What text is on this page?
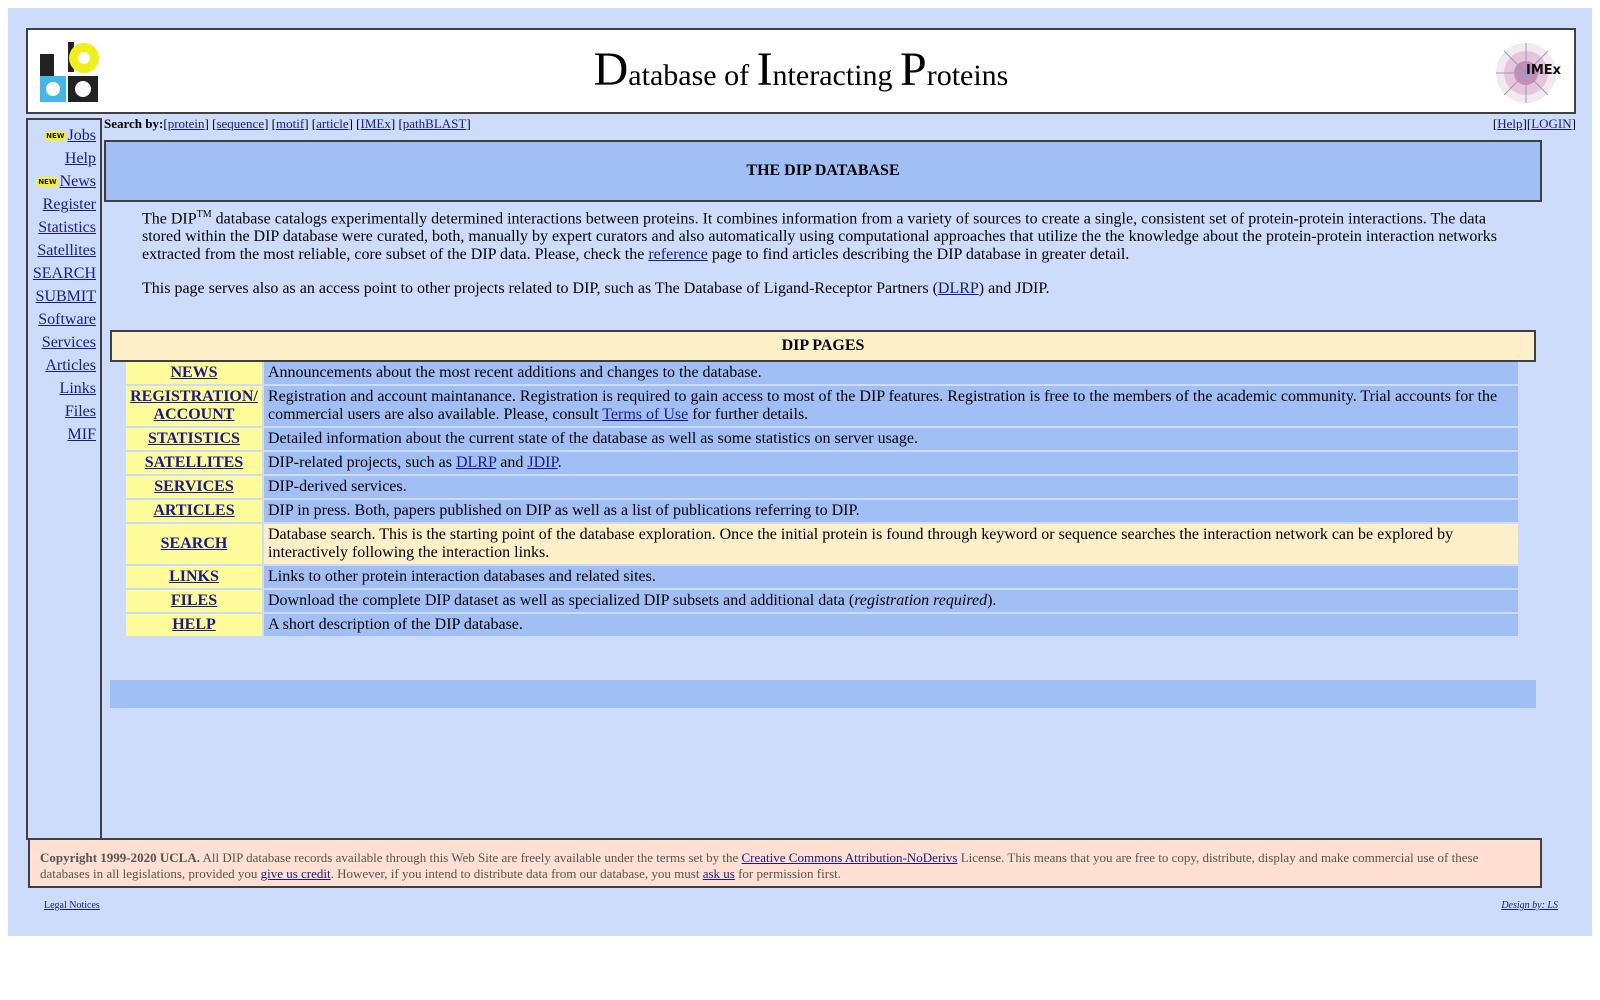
Database of Interacting Proteins	IMEx
NEW Jobs
Help
NEW News
Register
Statistics
Satellites
SEARCH
SUBMIT
Software
Services
Articles
Links
Files
MIF
Search by:[protein] [sequence] [motif] [article] [IMEx] [pathBLAST]	[Help][LOGIN]
THE DIP DATABASE

The DIP™ database catalogs experimentally determined interactions between proteins. It combines information from a variety of sources to create a single, consistent set of protein-protein interactions. The data stored within the DIP database were curated, both, manually by expert curators and also automatically using computational approaches that utilize the the knowledge about the protein-protein interaction networks extracted from the most reliable, core subset of the DIP data. Please, check the reference page to find articles describing the DIP database in greater detail.

This page serves also as an access point to other projects related to DIP, such as The Database of Ligand-Receptor Partners (DLRP) and JDIP.

DIP PAGES
NEWS	Announcements about the most recent additions and changes to the database.
REGISTRATION/ ACCOUNT	Registration and account maintanance. Registration is required to gain access to most of the DIP features. Registration is free to the members of the academic community. Trial accounts for the commercial users are also available. Please, consult Terms of Use for further details.
STATISTICS	Detailed information about the current state of the database as well as some statistics on server usage.
SATELLITES	DIP-related projects, such as DLRP and JDIP.
SERVICES	DIP-derived services.
ARTICLES	DIP in press. Both, papers published on DIP as well as a list of publications referring to DIP.
SEARCH	Database search. This is the starting point of the database exploration. Once the initial protein is found through keyword or sequence searches the interaction network can be explored by interactively following the interaction links.
LINKS	Links to other protein interaction databases and related sites.
FILES	Download the complete DIP dataset as well as specialized DIP subsets and additional data (registration required).
HELP	A short description of the DIP database.
Copyright 1999-2020 UCLA. All DIP database records available through this Web Site are freely available under the terms set by the Creative Commons Attribution-NoDerivs License. This means that you are free to copy, distribute, display and make commercial use of these databases in all legislations, provided you give us credit. However, if you intend to distribute data from our database, you must ask us for permission first.
Legal Notices	Design by: LS
